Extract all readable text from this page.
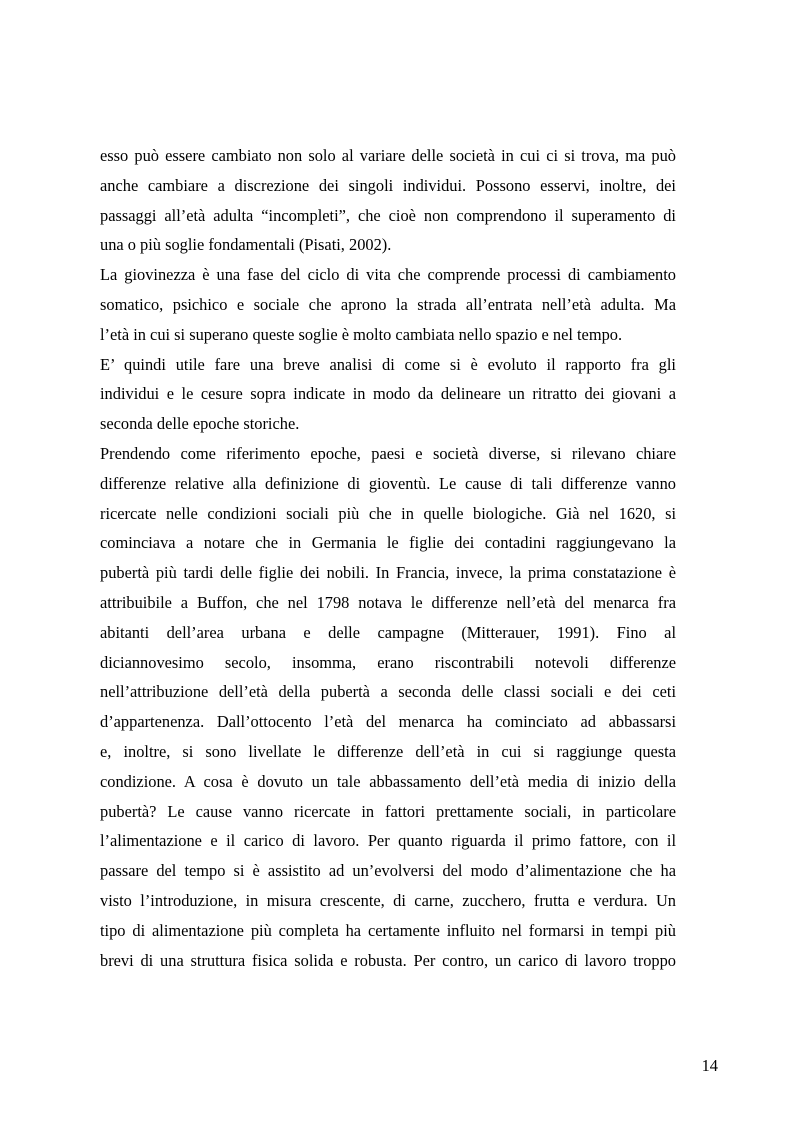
esso può essere cambiato non solo al variare delle società in cui ci si trova, ma può
anche cambiare a discrezione dei singoli individui. Possono esservi, inoltre, dei
passaggi all’età adulta “incompleti”, che cioè non comprendono il superamento di
una o più soglie fondamentali (Pisati, 2002).
La giovinezza è una fase del ciclo di vita che comprende processi di cambiamento
somatico, psichico e sociale che aprono la strada all’entrata nell’età adulta. Ma
l’età in cui si superano queste soglie è molto cambiata nello spazio e nel tempo.
E’ quindi utile fare una breve analisi di come si è evoluto il rapporto fra gli
individui e le cesure sopra indicate in modo da delineare un ritratto dei giovani a
seconda delle epoche storiche.
Prendendo come riferimento epoche, paesi e società diverse, si rilevano chiare
differenze relative alla definizione di gioventù. Le cause di tali differenze vanno
ricercate nelle condizioni sociali più che in quelle biologiche. Già nel 1620, si
cominciava a notare che in Germania le figlie dei contadini raggiungevano la
pubertà più tardi delle figlie dei nobili. In Francia, invece, la prima constatazione è
attribuibile a Buffon, che nel 1798 notava le differenze nell’età del menarca fra
abitanti dell’area urbana e delle campagne (Mitterauer, 1991). Fino al
diciannovesimo secolo, insomma, erano riscontrabili notevoli differenze
nell’attribuzione dell’età della pubertà a seconda delle classi sociali e dei ceti
d’appartenenza. Dall’ottocento l’età del menarca ha cominciato ad abbassarsi
e, inoltre, si sono livellate le differenze dell’età in cui si raggiunge questa
condizione. A cosa è dovuto un tale abbassamento dell’età media di inizio della
pubertà? Le cause vanno ricercate in fattori prettamente sociali, in particolare
l’alimentazione e il carico di lavoro. Per quanto riguarda il primo fattore, con il
passare del tempo si è assistito ad un’evolversi del modo d’alimentazione che ha
visto l’introduzione, in misura crescente, di carne, zucchero, frutta e verdura. Un
tipo di alimentazione più completa ha certamente influito nel formarsi in tempi più
brevi di una struttura fisica solida e robusta. Per contro, un carico di lavoro troppo
14
